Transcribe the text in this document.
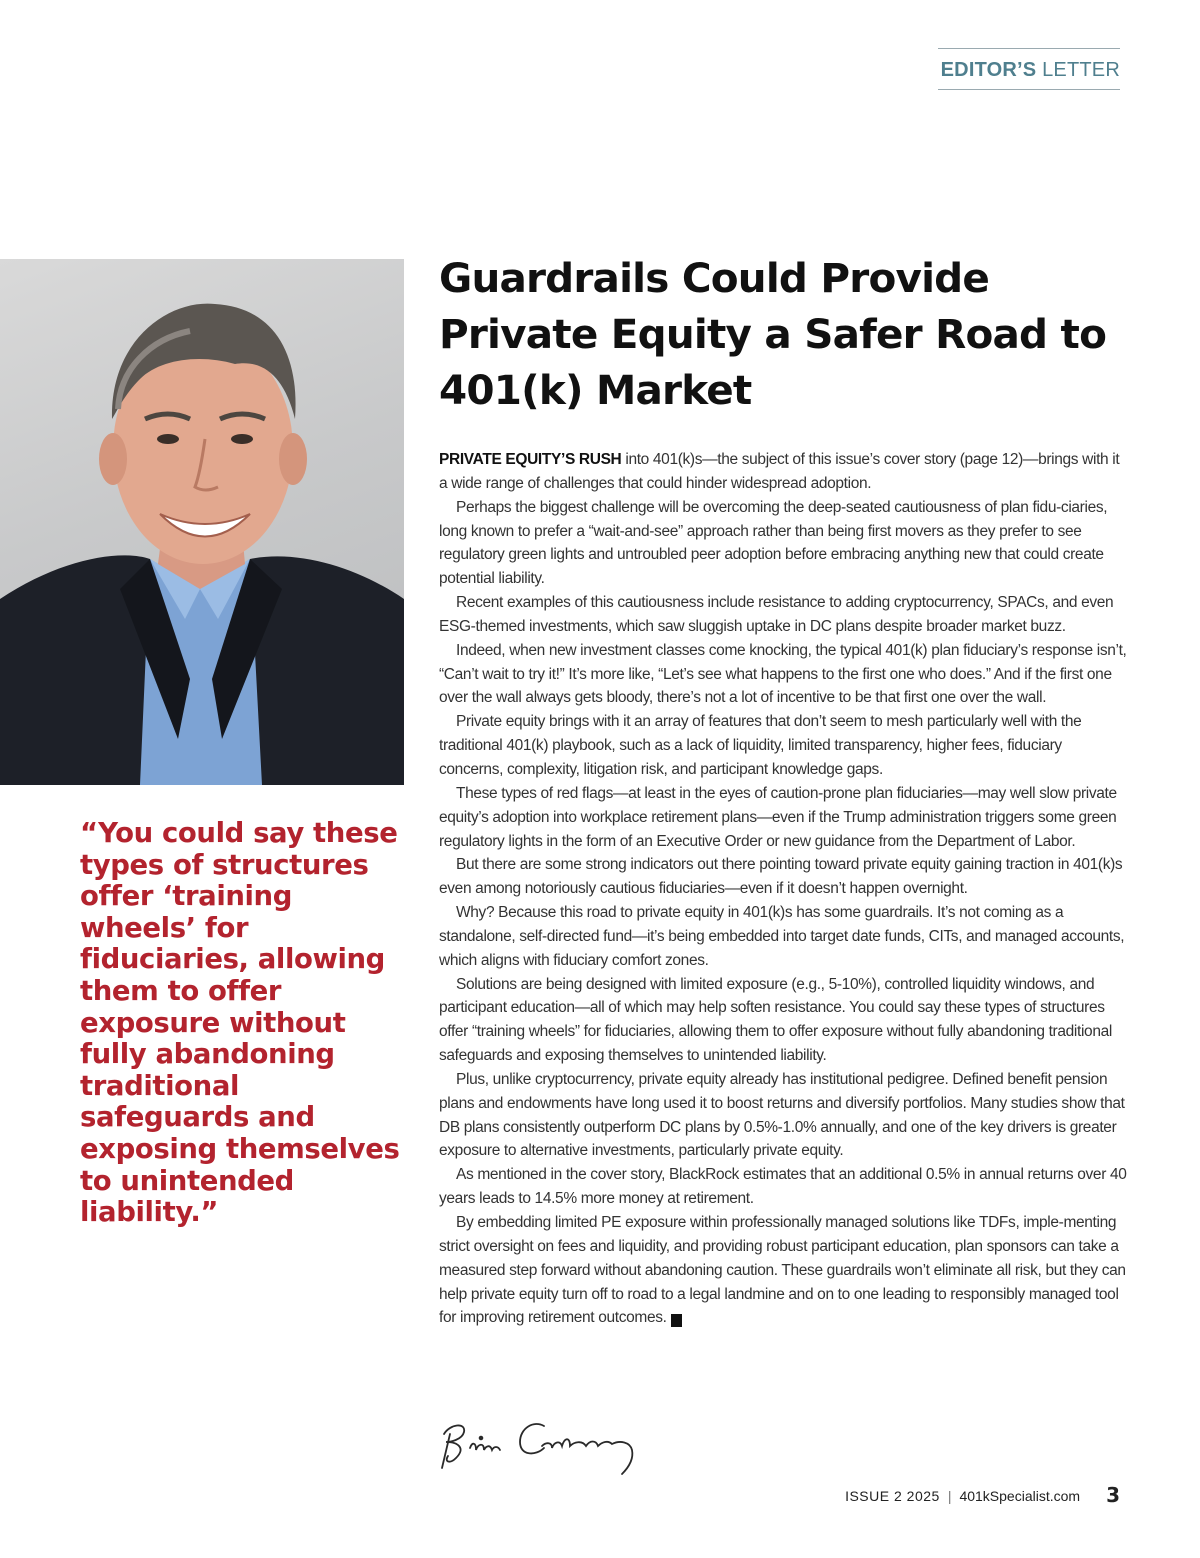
EDITOR’S LETTER
“You could say these types of structures offer ‘training wheels’ for fiduciaries, allowing them to offer exposure without fully abandoning traditional safeguards and exposing themselves to unintended liability.”
Guardrails Could Provide Private Equity a Safer Road to 401(k) Market

PRIVATE EQUITY’S RUSH into 401(k)s—the subject of this issue’s cover story (page 12)—brings with it a wide range of challenges that could hinder widespread adoption.

Perhaps the biggest challenge will be overcoming the deep-seated cautiousness of plan fidu-ciaries, long known to prefer a “wait-and-see” approach rather than being first movers as they prefer to see regulatory green lights and untroubled peer adoption before embracing anything new that could create potential liability.

Recent examples of this cautiousness include resistance to adding cryptocurrency, SPACs, and even ESG-themed investments, which saw sluggish uptake in DC plans despite broader market buzz.

Indeed, when new investment classes come knocking, the typical 401(k) plan fiduciary’s response isn’t, “Can’t wait to try it!” It’s more like, “Let’s see what happens to the first one who does.” And if the first one over the wall always gets bloody, there’s not a lot of incentive to be that first one over the wall.

Private equity brings with it an array of features that don’t seem to mesh particularly well with the traditional 401(k) playbook, such as a lack of liquidity, limited transparency, higher fees, fiduciary concerns, complexity, litigation risk, and participant knowledge gaps.

These types of red flags—at least in the eyes of caution-prone plan fiduciaries—may well slow private equity’s adoption into workplace retirement plans—even if the Trump administration triggers some green regulatory lights in the form of an Executive Order or new guidance from the Department of Labor.

But there are some strong indicators out there pointing toward private equity gaining traction in 401(k)s even among notoriously cautious fiduciaries—even if it doesn’t happen overnight.

Why? Because this road to private equity in 401(k)s has some guardrails. It’s not coming as a standalone, self-directed fund—it’s being embedded into target date funds, CITs, and managed accounts, which aligns with fiduciary comfort zones.

Solutions are being designed with limited exposure (e.g., 5-10%), controlled liquidity windows, and participant education—all of which may help soften resistance. You could say these types of structures offer “training wheels” for fiduciaries, allowing them to offer exposure without fully abandoning traditional safeguards and exposing themselves to unintended liability.

Plus, unlike cryptocurrency, private equity already has institutional pedigree. Defined benefit pension plans and endowments have long used it to boost returns and diversify portfolios. Many studies show that DB plans consistently outperform DC plans by 0.5%-1.0% annually, and one of the key drivers is greater exposure to alternative investments, particularly private equity.

As mentioned in the cover story, BlackRock estimates that an additional 0.5% in annual returns over 40 years leads to 14.5% more money at retirement.

By embedding limited PE exposure within professionally managed solutions like TDFs, imple-menting strict oversight on fees and liquidity, and providing robust participant education, plan sponsors can take a measured step forward without abandoning caution. These guardrails won’t eliminate all risk, but they can help private equity turn off to road to a legal landmine and on to one leading to responsibly managed tool for improving retirement outcomes. K

ISSUE 2 2025 | 401kSpecialist.com 3
